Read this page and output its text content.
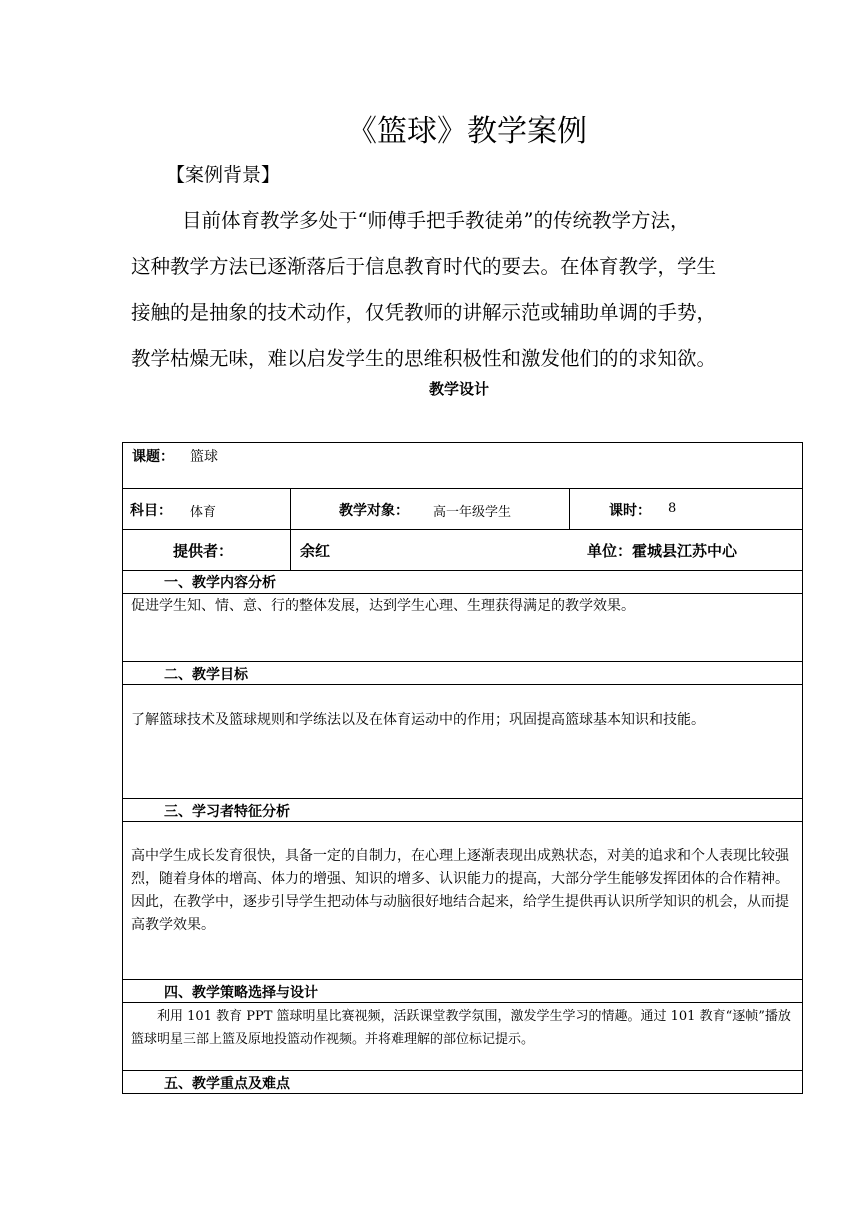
《篮球》教学案例
【案例背景】
目前体育教学多处于“师傅手把手教徒弟”的传统教学方法，
这种教学方法已逐渐落后于信息教育时代的要去。在体育教学，学生
接触的是抽象的技术动作，仅凭教师的讲解示范或辅助单调的手势，
教学枯燥无味，难以启发学生的思维积极性和激发他们的的求知欲。
教学设计
课题： 篮球
科目： 体育	教学对象： 高一年级学生	课时： 8
提供者：	余红	单位：霍城县江苏中心
一、教学内容分析
促进学生知、情、意、行的整体发展，达到学生心理、生理获得满足的教学效果。
二、教学目标
了解篮球技术及篮球规则和学练法以及在体育运动中的作用；巩固提高篮球基本知识和技能。
三、学习者特征分析
高中学生成长发育很快，具备一定的自制力，在心理上逐渐表现出成熟状态，对美的追求和个人表现比较强烈，随着身体的增高、体力的增强、知识的增多、认识能力的提高，大部分学生能够发挥团体的合作精神。因此，在教学中，逐步引导学生把动体与动脑很好地结合起来，给学生提供再认识所学知识的机会，从而提高教学效果。
四、教学策略选择与设计
利用 101 教育 PPT 篮球明星比赛视频，活跃课堂教学氛围，激发学生学习的情趣。通过 101 教育“逐帧”播放篮球明星三部上篮及原地投篮动作视频。并将难理解的部位标记提示。
五、教学重点及难点
